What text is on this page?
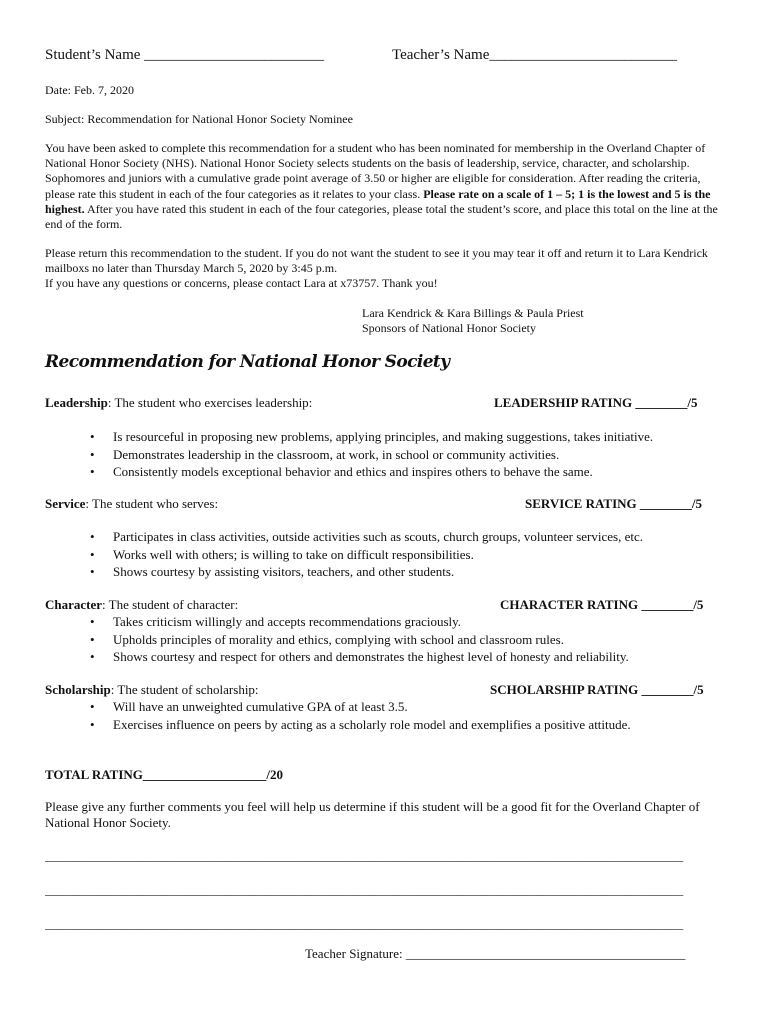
Student’s Name ________________________	Teacher’s Name_________________________
Date: Feb. 7, 2020
Subject: Recommendation for National Honor Society Nominee
You have been asked to complete this recommendation for a student who has been nominated for membership in the Overland Chapter of National Honor Society (NHS). National Honor Society selects students on the basis of leadership, service, character, and scholarship. Sophomores and juniors with a cumulative grade point average of 3.50 or higher are eligible for consideration. After reading the criteria, please rate this student in each of the four categories as it relates to your class. Please rate on a scale of 1 – 5; 1 is the lowest and 5 is the highest. After you have rated this student in each of the four categories, please total the student’s score, and place this total on the line at the end of the form.
Please return this recommendation to the student. If you do not want the student to see it you may tear it off and return it to Lara Kendrick mailboxs no later than Thursday March 5, 2020 by 3:45 p.m.
If you have any questions or concerns, please contact Lara at x73757. Thank you!
Lara Kendrick & Kara Billings & Paula Priest
Sponsors of National Honor Society
Recommendation for National Honor Society
Leadership: The student who exercises leadership:	LEADERSHIP RATING ________/5
• Is resourceful in proposing new problems, applying principles, and making suggestions, takes initiative.
• Demonstrates leadership in the classroom, at work, in school or community activities.
• Consistently models exceptional behavior and ethics and inspires others to behave the same.
Service: The student who serves:	SERVICE RATING ________/5
• Participates in class activities, outside activities such as scouts, church groups, volunteer services, etc.
• Works well with others; is willing to take on difficult responsibilities.
• Shows courtesy by assisting visitors, teachers, and other students.
Character: The student of character:	CHARACTER RATING ________/5
• Takes criticism willingly and accepts recommendations graciously.
• Upholds principles of morality and ethics, complying with school and classroom rules.
• Shows courtesy and respect for others and demonstrates the highest level of honesty and reliability.
Scholarship: The student of scholarship:	SCHOLARSHIP RATING ________/5
• Will have an unweighted cumulative GPA of at least 3.5.
• Exercises influence on peers by acting as a scholarly role model and exemplifies a positive attitude.
TOTAL RATING___________________/20
Please give any further comments you feel will help us determine if this student will be a good fit for the Overland Chapter of National Honor Society.
______________________________________________________________________________________________________________
______________________________________________________________________________________________________________
______________________________________________________________________________________________________________
Teacher Signature: ___________________________________________
